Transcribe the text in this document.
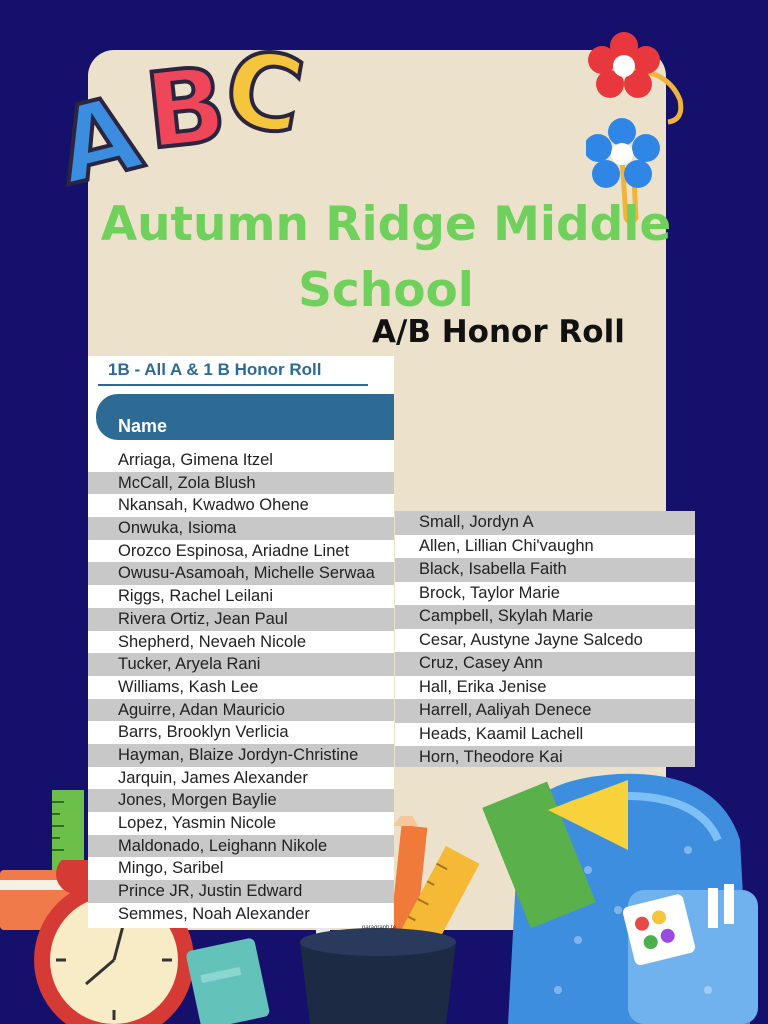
A
B
C
Autumn Ridge Middle School
A/B Honor Roll
1B - All A & 1 B Honor Roll
Name
Arriaga, Gimena Itzel
McCall, Zola Blush
Nkansah, Kwadwo Ohene
Onwuka, Isioma
Orozco Espinosa, Ariadne Linet
Owusu-Asamoah, Michelle Serwaa
Riggs, Rachel Leilani
Rivera Ortiz, Jean Paul
Shepherd, Nevaeh Nicole
Tucker, Aryela Rani
Williams, Kash Lee
Aguirre, Adan Mauricio
Barrs, Brooklyn Verlicia
Hayman, Blaize Jordyn-Christine
Jarquin, James Alexander
Jones, Morgen Baylie
Lopez, Yasmin Nicole
Maldonado, Leighann Nikole
Mingo, Saribel
Prince JR, Justin Edward
Semmes, Noah Alexander
Small, Jordyn A
Allen, Lillian Chi'vaughn
Black, Isabella Faith
Brock, Taylor Marie
Campbell, Skylah Marie
Cesar, Austyne Jayne Salcedo
Cruz, Casey Ann
Hall, Erika Jenise
Harrell, Aaliyah Denece
Heads, Kaamil Lachell
Horn, Theodore Kai
paragraph te
